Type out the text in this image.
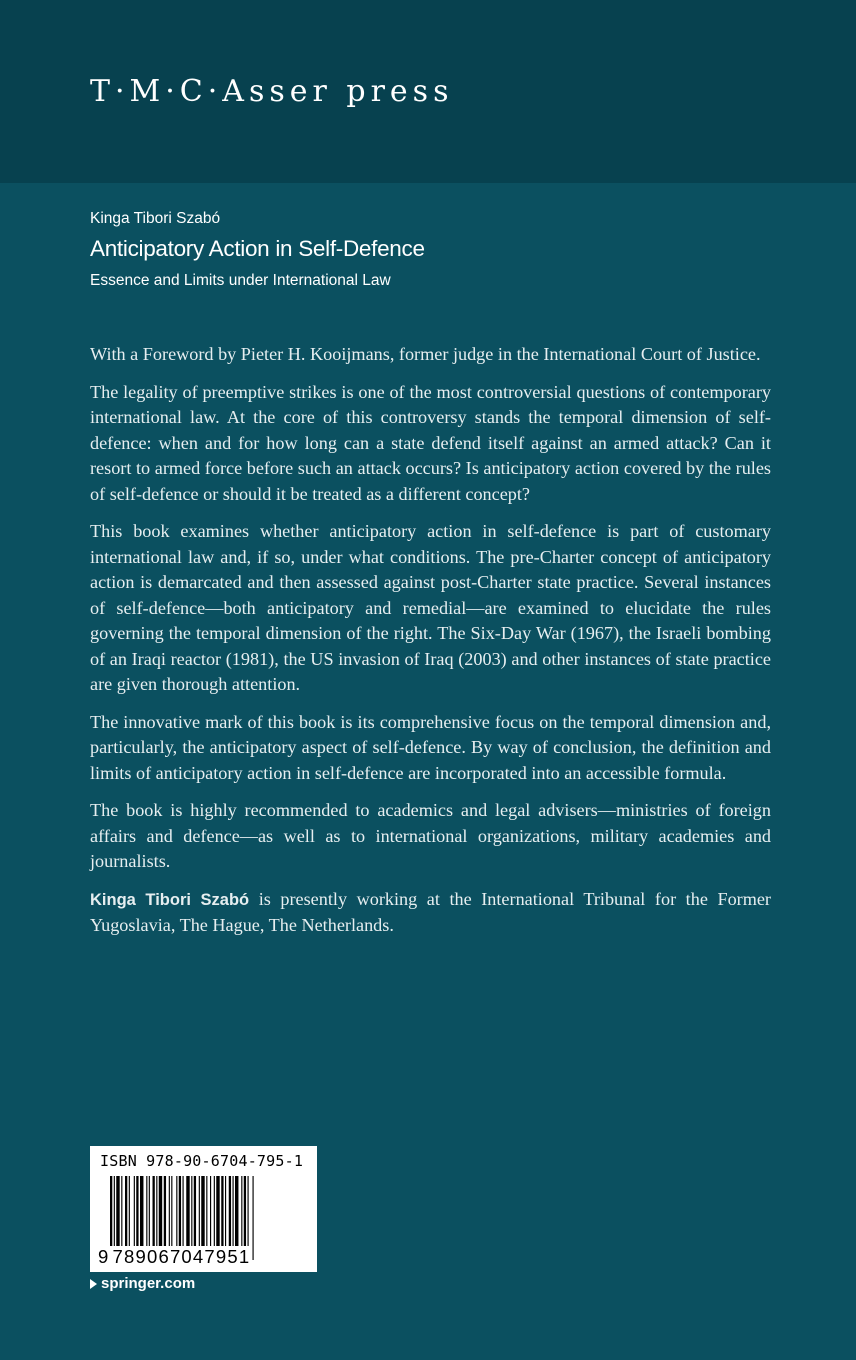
T·M·C·Asser press
Kinga Tibori Szabó
Anticipatory Action in Self-Defence
Essence and Limits under International Law

With a Foreword by Pieter H. Kooijmans, former judge in the International Court of Justice.

The legality of preemptive strikes is one of the most controversial questions of contemporary international law. At the core of this controversy stands the temporal dimension of self-defence: when and for how long can a state defend itself against an armed attack? Can it resort to armed force before such an attack occurs? Is anticipatory action covered by the rules of self-defence or should it be treated as a different concept?

This book examines whether anticipatory action in self-defence is part of customary international law and, if so, under what conditions. The pre-Charter concept of anticipatory action is demarcated and then assessed against post-Charter state practice. Several instances of self-defence—both anticipatory and remedial—are examined to elucidate the rules governing the temporal dimension of the right. The Six-Day War (1967), the Israeli bombing of an Iraqi reactor (1981), the US invasion of Iraq (2003) and other instances of state practice are given thorough attention.

The innovative mark of this book is its comprehensive focus on the temporal dimension and, particularly, the anticipatory aspect of self-defence. By way of conclusion, the definition and limits of anticipatory action in self-defence are incorporated into an accessible formula.

The book is highly recommended to academics and legal advisers—ministries of foreign affairs and defence—as well as to international organizations, military academies and journalists.

Kinga Tibori Szabó is presently working at the International Tribunal for the Former Yugoslavia, The Hague, The Netherlands.

ISBN 978-90-6704-795-1
9 789067047951
springer.com
